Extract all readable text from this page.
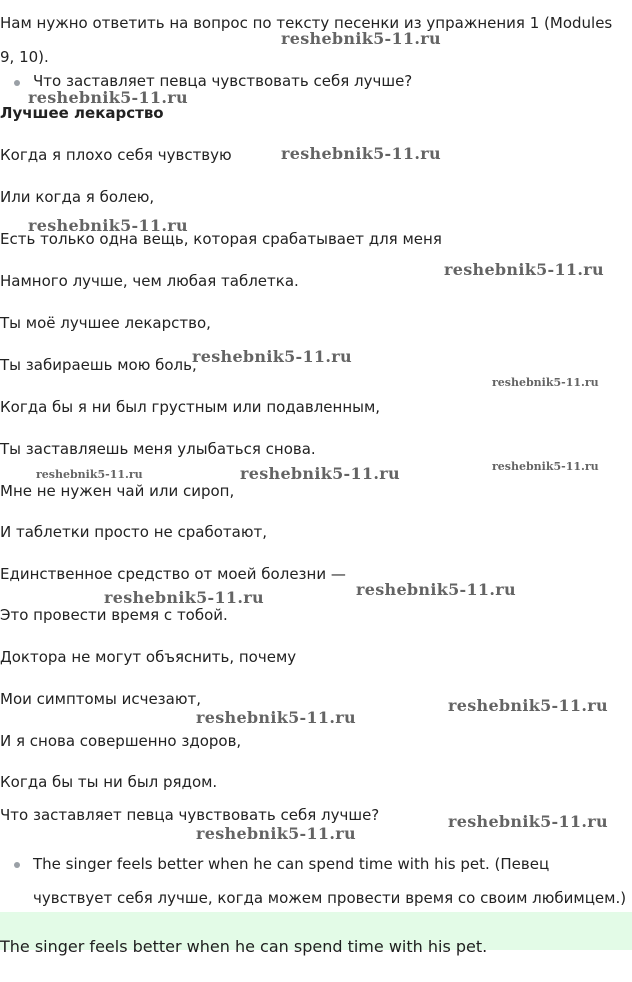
Нам нужно ответить на вопрос по тексту песенки из упражнения 1 (Modules 9, 10).

Что заставляет певца чувствовать себя лучше?

Лучшее лекарство

Когда я плохо себя чувствую

Или когда я болею,

Есть только одна вещь, которая срабатывает для меня

Намного лучше, чем любая таблетка.

Ты моё лучшее лекарство,

Ты забираешь мою боль,

Когда бы я ни был грустным или подавленным,

Ты заставляешь меня улыбаться снова.

Мне не нужен чай или сироп,

И таблетки просто не сработают,

Единственное средство от моей болезни —

Это провести время с тобой.

Доктора не могут объяснить, почему

Мои симптомы исчезают,

И я снова совершенно здоров,

Когда бы ты ни был рядом.

Что заставляет певца чувствовать себя лучше?

The singer feels better when he can spend time with his pet. (Певец

чувствует себя лучше, когда можем провести время со своим любимцем.)

The singer feels better when he can spend time with his pet.

reshebnik5-11.ru
reshebnik5-11.ru
reshebnik5-11.ru
reshebnik5-11.ru
reshebnik5-11.ru
reshebnik5-11.ru
reshebnik5-11.ru
reshebnik5-11.ru
reshebnik5-11.ru	reshebnik5-11.ru
reshebnik5-11.ru
reshebnik5-11.ru
reshebnik5-11.ru
reshebnik5-11.ru
reshebnik5-11.ru
reshebnik5-11.ru
